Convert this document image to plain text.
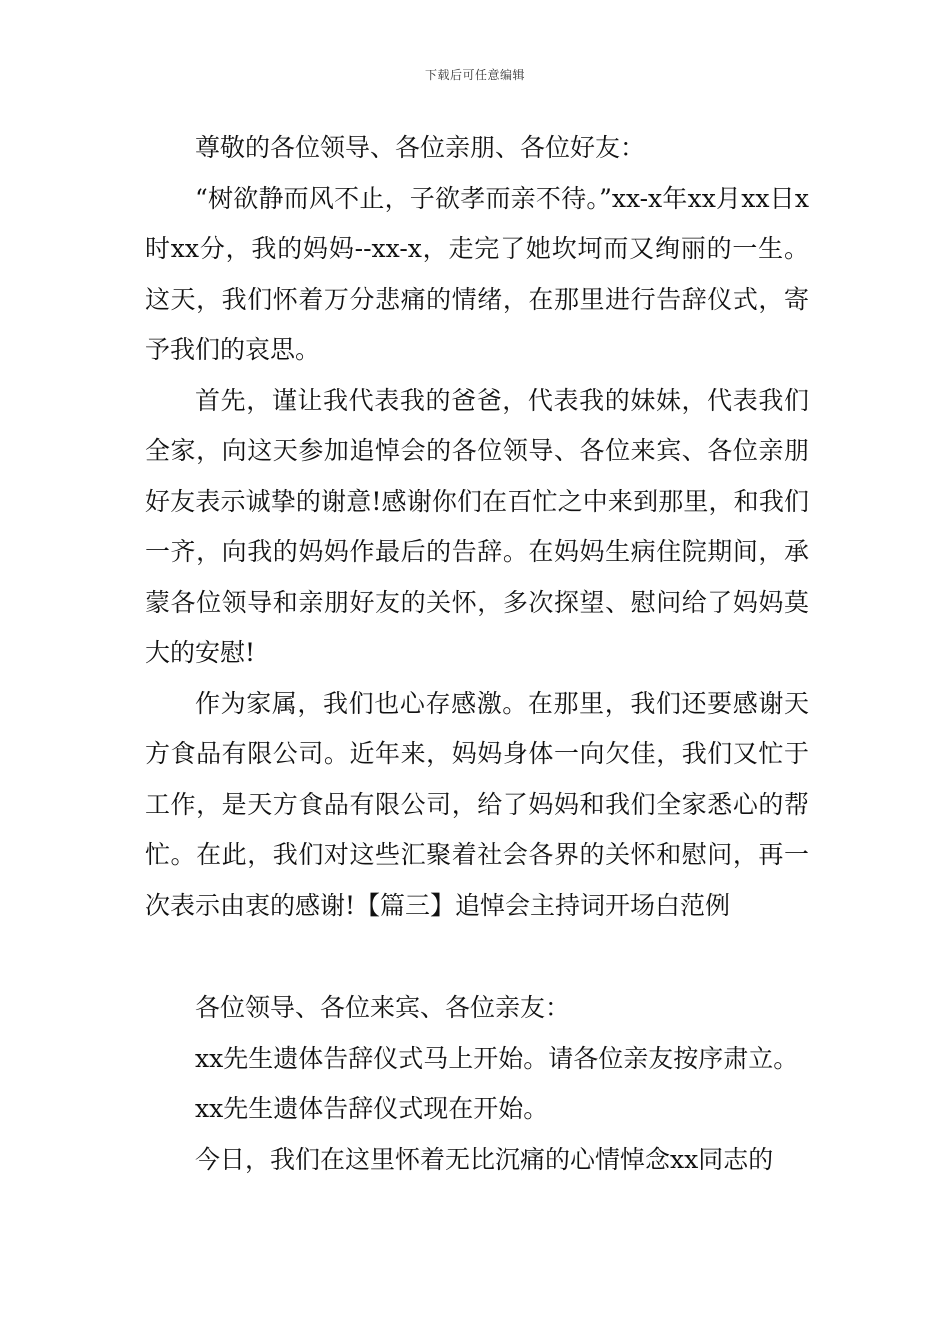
下载后可任意编辑

尊敬的各位领导、各位亲朋、各位好友：

“树欲静而风不止，子欲孝而亲不待。”xx-x年xx月xx日x时xx分，我的妈妈--xx-x，走完了她坎坷而又绚丽的一生。这天，我们怀着万分悲痛的情绪，在那里进行告辞仪式，寄予我们的哀思。

首先，谨让我代表我的爸爸，代表我的妹妹，代表我们全家，向这天参加追悼会的各位领导、各位来宾、各位亲朋好友表示诚挚的谢意!感谢你们在百忙之中来到那里，和我们一齐，向我的妈妈作最后的告辞。在妈妈生病住院期间，承蒙各位领导和亲朋好友的关怀，多次探望、慰问给了妈妈莫大的安慰!

作为家属，我们也心存感激。在那里，我们还要感谢天方食品有限公司。近年来，妈妈身体一向欠佳，我们又忙于工作，是天方食品有限公司，给了妈妈和我们全家悉心的帮忙。在此，我们对这些汇聚着社会各界的关怀和慰问，再一次表示由衷的感谢!【篇三】追悼会主持词开场白范例

各位领导、各位来宾、各位亲友：

xx先生遗体告辞仪式马上开始。请各位亲友按序肃立。

xx先生遗体告辞仪式现在开始。

今日，我们在这里怀着无比沉痛的心情悼念xx同志的
